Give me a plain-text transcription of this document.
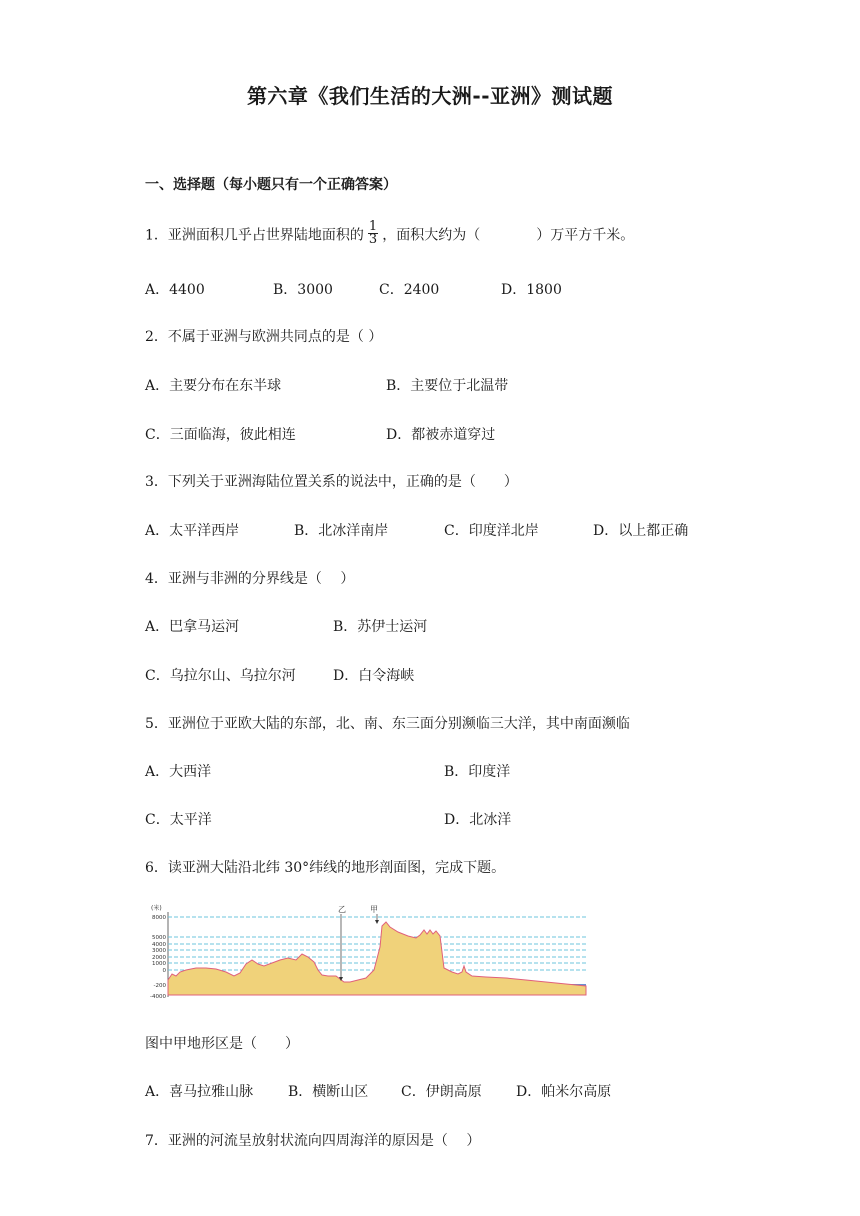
第六章《我们生活的大洲--亚洲》测试题
一、选择题（每小题只有一个正确答案）
1．亚洲面积几乎占世界陆地面积的 $\frac{1}{3}$ ，面积大约为（　　　　）万平方千米。
A．4400	B．3000	C．2400	D．1800
2．不属于亚洲与欧洲共同点的是（ ）
A．主要分布在东半球	B．主要位于北温带
C．三面临海，彼此相连	D．都被赤道穿过
3．下列关于亚洲海陆位置关系的说法中，正确的是（　　）
A．太平洋西岸	B．北冰洋南岸	C．印度洋北岸	D．以上都正确
4．亚洲与非洲的分界线是（　 ）
A．巴拿马运河	B．苏伊士运河
C．乌拉尔山、乌拉尔河	D．白令海峡
5．亚洲位于亚欧大陆的东部，北、南、东三面分别濒临三大洋，其中南面濒临
A．大西洋	B．印度洋
C．太平洋	D．北冰洋
6．读亚洲大陆沿北纬 30°纬线的地形剖面图，完成下题。
(米)
8000
5000
4000
3000
2000
1000
0
-200
-4000
乙	甲
图中甲地形区是（　　）
A．喜马拉雅山脉 B．横断山区 C．伊朗高原 D．帕米尔高原
7．亚洲的河流呈放射状流向四周海洋的原因是（　 ）
